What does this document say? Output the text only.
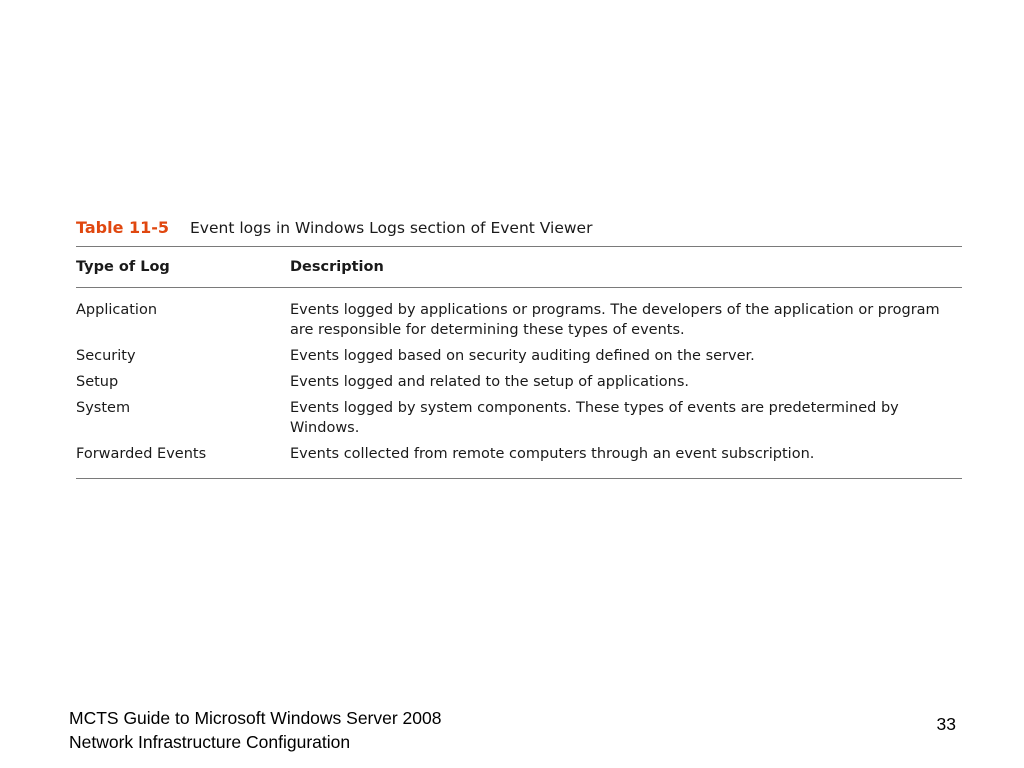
Table 11-5	Event logs in Windows Logs section of Event Viewer
Type of Log	Description
Application	Events logged by applications or programs. The developers of the application or program are responsible for determining these types of events.
Security	Events logged based on security auditing defined on the server.
Setup	Events logged and related to the setup of applications.
System	Events logged by system components. These types of events are predetermined by Windows.
Forwarded Events	Events collected from remote computers through an event subscription.
MCTS Guide to Microsoft Windows Server 2008
Network Infrastructure Configuration
33
